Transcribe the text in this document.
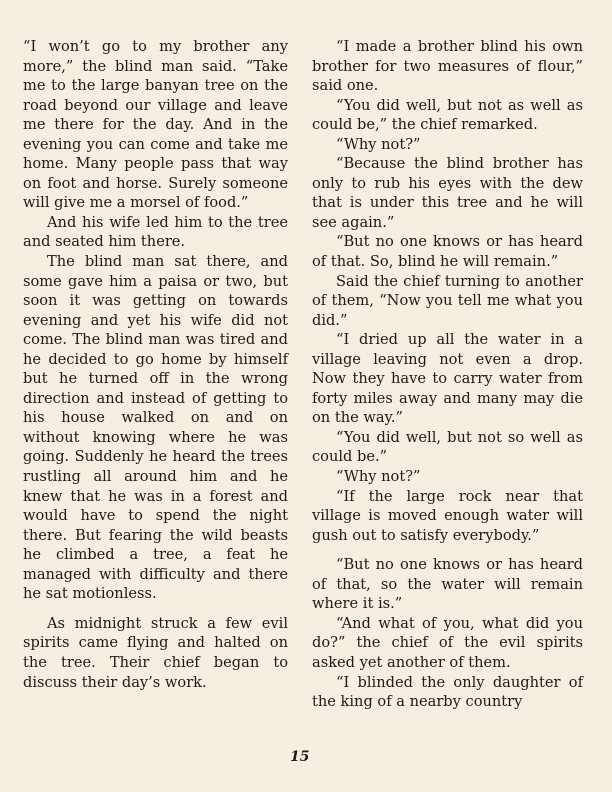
“I won’t go to my brother any more,” the blind man said. “Take me to the large banyan tree on the road beyond our village and leave me there for the day. And in the evening you can come and take me home. Many people pass that way on foot and horse. Surely someone will give me a morsel of food.”

And his wife led him to the tree and seated him there.

The blind man sat there, and some gave him a paisa or two, but soon it was getting on towards evening and yet his wife did not come. The blind man was tired and he decided to go home by himself but he turned off in the wrong direction and instead of getting to his house walked on and on without knowing where he was going. Suddenly he heard the trees rustling all around him and he knew that he was in a forest and would have to spend the night there. But fearing the wild beasts he climbed a tree, a feat he managed with difficulty and there he sat motionless.

As midnight struck a few evil spirits came flying and halted on the tree. Their chief began to discuss their day’s work.

“I made a brother blind his own brother for two measures of flour,” said one.

“You did well, but not as well as could be,” the chief remarked.

“Why not?”

“Because the blind brother has only to rub his eyes with the dew that is under this tree and he will see again.”

“But no one knows or has heard of that. So, blind he will remain.”

Said the chief turning to another of them, “Now you tell me what you did.”

“I dried up all the water in a village leaving not even a drop. Now they have to carry water from forty miles away and many may die on the way.”

“You did well, but not so well as could be.”

“Why not?”

“If the large rock near that village is moved enough water will gush out to satisfy everybody.”

“But no one knows or has heard of that, so the water will remain where it is.”

“And what of you, what did you do?” the chief of the evil spirits asked yet another of them.

“I blinded the only daughter of the king of a nearby country

15
